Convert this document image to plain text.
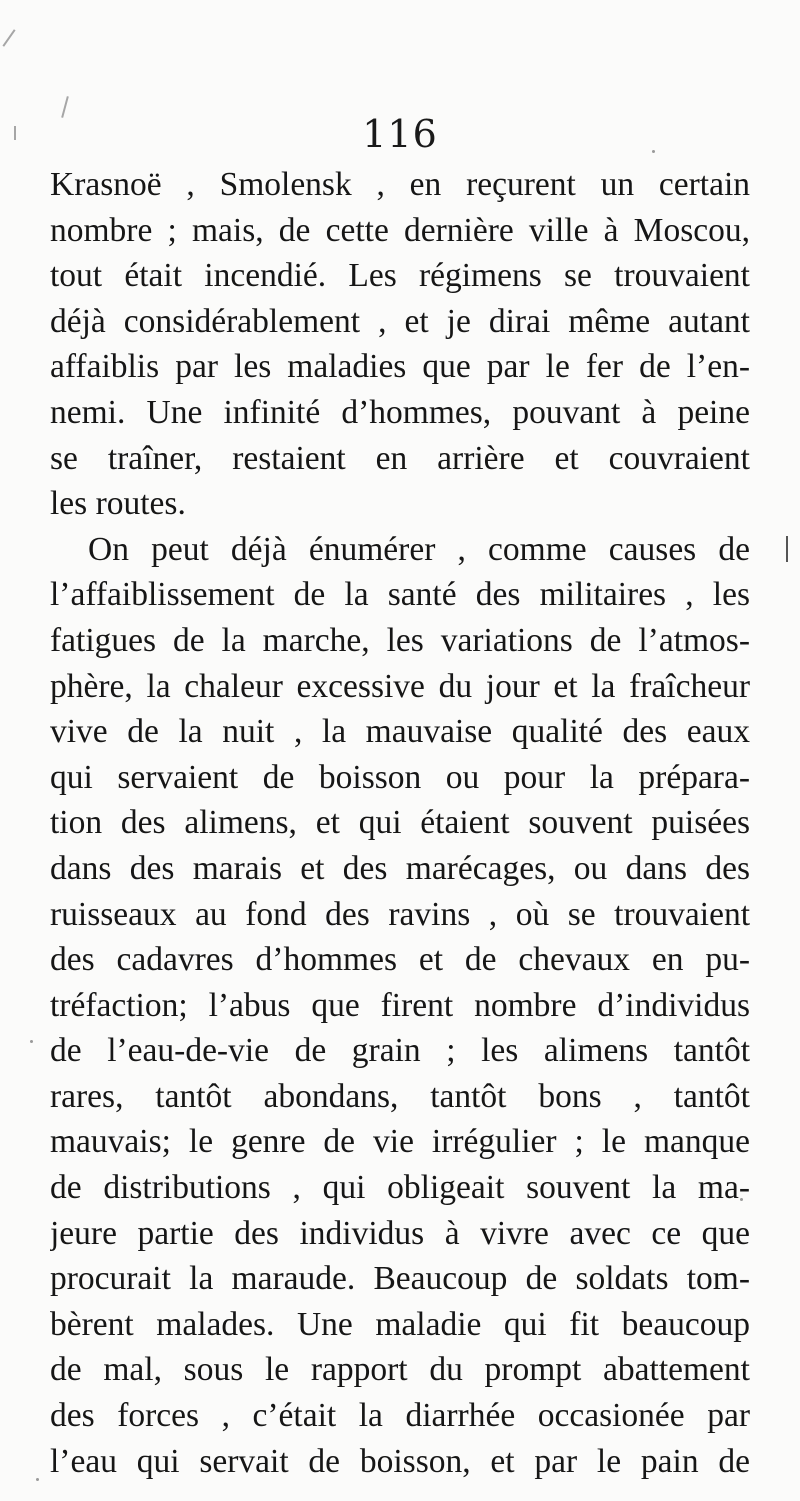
116
Krasnoë , Smolensk , en reçurent un certain
nombre ; mais, de cette dernière ville à Moscou,
tout était incendié. Les régimens se trouvaient
déjà considérablement , et je dirai même autant
affaiblis par les maladies que par le fer de l’en-
nemi. Une infinité d’hommes, pouvant à peine
se traîner, restaient en arrière et couvraient
les routes.
On peut déjà énumérer , comme causes de
l’affaiblissement de la santé des militaires , les
fatigues de la marche, les variations de l’atmos-
phère, la chaleur excessive du jour et la fraîcheur
vive de la nuit , la mauvaise qualité des eaux
qui servaient de boisson ou pour la prépara-
tion des alimens, et qui étaient souvent puisées
dans des marais et des marécages, ou dans des
ruisseaux au fond des ravins , où se trouvaient
des cadavres d’hommes et de chevaux en pu-
tréfaction; l’abus que firent nombre d’individus
de l’eau-de-vie de grain ; les alimens tantôt
rares, tantôt abondans, tantôt bons , tantôt
mauvais; le genre de vie irrégulier ; le manque
de distributions , qui obligeait souvent la ma-
jeure partie des individus à vivre avec ce que
procurait la maraude. Beaucoup de soldats tom-
bèrent malades. Une maladie qui fit beaucoup
de mal, sous le rapport du prompt abattement
des forces , c’était la diarrhée occasionée par
l’eau qui servait de boisson, et par le pain de
